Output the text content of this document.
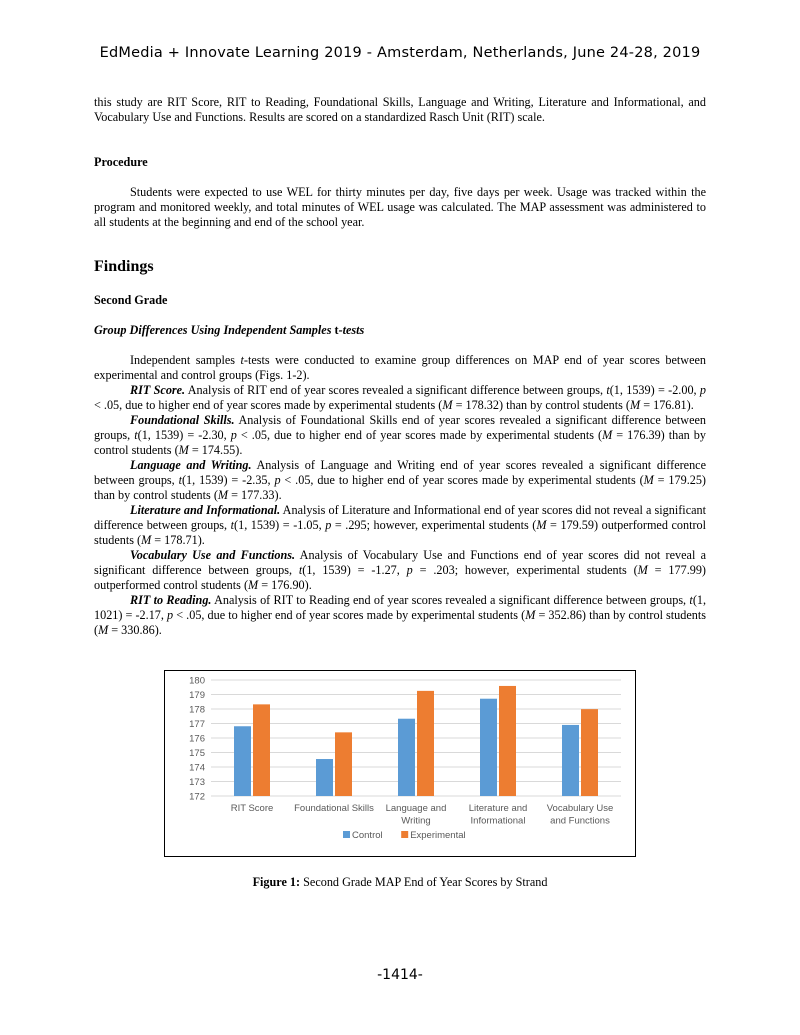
EdMedia + Innovate Learning 2019 - Amsterdam, Netherlands, June 24-28, 2019
this study are RIT Score, RIT to Reading, Foundational Skills, Language and Writing, Literature and Informational, and Vocabulary Use and Functions. Results are scored on a standardized Rasch Unit (RIT) scale.
Procedure
Students were expected to use WEL for thirty minutes per day, five days per week. Usage was tracked within the program and monitored weekly, and total minutes of WEL usage was calculated. The MAP assessment was administered to all students at the beginning and end of the school year.
Findings
Second Grade
Group Differences Using Independent Samples t-tests

Independent samples t-tests were conducted to examine group differences on MAP end of year scores between experimental and control groups (Figs. 1-2).

RIT Score. Analysis of RIT end of year scores revealed a significant difference between groups, t(1, 1539) = -2.00, p < .05, due to higher end of year scores made by experimental students (M = 178.32) than by control students (M = 176.81).

Foundational Skills. Analysis of Foundational Skills end of year scores revealed a significant difference between groups, t(1, 1539) = -2.30, p < .05, due to higher end of year scores made by experimental students (M = 176.39) than by control students (M = 174.55).

Language and Writing. Analysis of Language and Writing end of year scores revealed a significant difference between groups, t(1, 1539) = -2.35, p < .05, due to higher end of year scores made by experimental students (M = 179.25) than by control students (M = 177.33).

Literature and Informational. Analysis of Literature and Informational end of year scores did not reveal a significant difference between groups, t(1, 1539) = -1.05, p = .295; however, experimental students (M = 179.59) outperformed control students (M = 178.71).

Vocabulary Use and Functions. Analysis of Vocabulary Use and Functions end of year scores did not reveal a significant difference between groups, t(1, 1539) = -1.27, p = .203; however, experimental students (M = 177.99) outperformed control students (M = 176.90).

RIT to Reading. Analysis of RIT to Reading end of year scores revealed a significant difference between groups, t(1, 1021) = -2.17, p < .05, due to higher end of year scores made by experimental students (M = 352.86) than by control students (M = 330.86).

172
173
174
175
176
177
178
179
180
RIT Score Foundational Skills Language and
Writing
Literature and
Informational
Vocabulary Use
and Functions
Control	Experimental
Figure 1: Second Grade MAP End of Year Scores by Strand
-1414-
